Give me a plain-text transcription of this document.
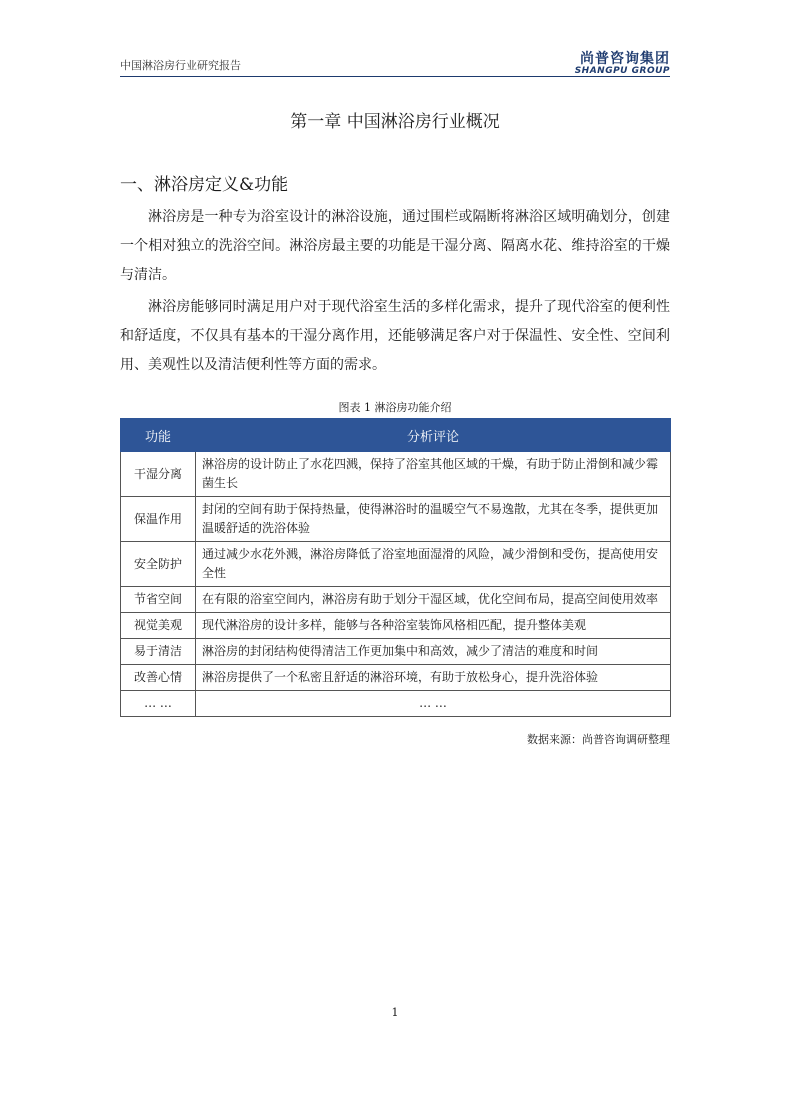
中国淋浴房行业研究报告	尚普咨询集团
SHANGPU GROUP
第一章 中国淋浴房行业概况
一、淋浴房定义&功能

淋浴房是一种专为浴室设计的淋浴设施，通过围栏或隔断将淋浴区域明确划分，创建一个相对独立的洗浴空间。淋浴房最主要的功能是干湿分离、隔离水花、维持浴室的干燥与清洁。

淋浴房能够同时满足用户对于现代浴室生活的多样化需求，提升了现代浴室的便利性和舒适度，不仅具有基本的干湿分离作用，还能够满足客户对于保温性、安全性、空间利用、美观性以及清洁便利性等方面的需求。

图表 1 淋浴房功能介绍
功能	分析评论
干湿分离	淋浴房的设计防止了水花四溅，保持了浴室其他区域的干燥，有助于防止滑倒和减少霉菌生长
保温作用	封闭的空间有助于保持热量，使得淋浴时的温暖空气不易逸散，尤其在冬季，提供更加温暖舒适的洗浴体验
安全防护	通过减少水花外溅，淋浴房降低了浴室地面湿滑的风险，减少滑倒和受伤，提高使用安全性
节省空间	在有限的浴室空间内，淋浴房有助于划分干湿区域，优化空间布局，提高空间使用效率
视觉美观	现代淋浴房的设计多样，能够与各种浴室装饰风格相匹配，提升整体美观
易于清洁	淋浴房的封闭结构使得清洁工作更加集中和高效，减少了清洁的难度和时间
改善心情	淋浴房提供了一个私密且舒适的淋浴环境，有助于放松身心，提升洗浴体验
… …	… …
数据来源：尚普咨询调研整理
1
